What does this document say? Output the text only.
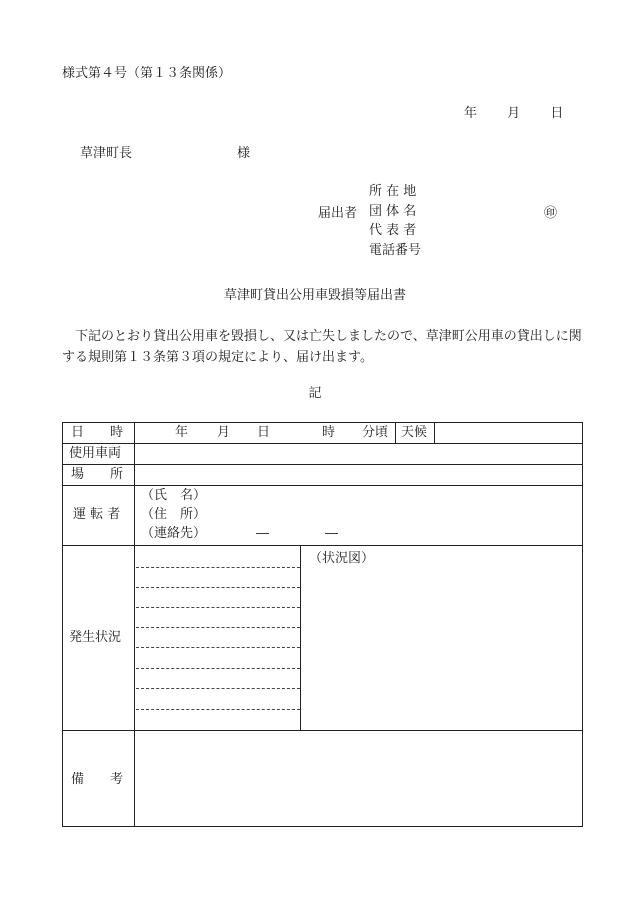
様式第４号（第１３条関係）
年 月 日
草津町長	様
届出者
所 在 地
団 体 名
代 表 者
電話番号
㊞
草津町貸出公用車毀損等届出書
下記のとおり貸出公用車を毀損し、又は亡失しましたので、草津町公用車の貸出しに関する規則第１３条第３項の規定により、届け出ます。
記
日　　時	年 月 日	時 分頃 天候
使用車両
場　　所
運 転 者
（氏　名）
（住　所）
（連絡先）	―	―
発生状況
（状況図）
備　　考
